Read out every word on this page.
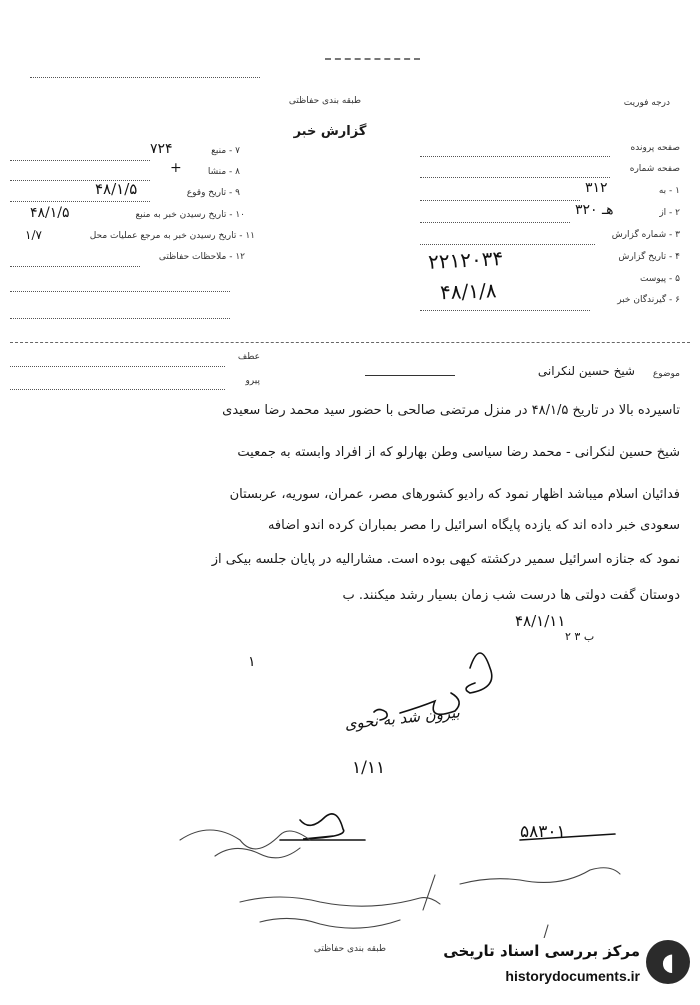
طبقه بندی حفاظتی
گزارش خبر
درجه فوریت
۷ - منبع
۷۲۴
۸ - منشا
+
۹ - تاریخ وقوع
۴۸/۱/۵
۱۰ - تاریخ رسیدن خبر به منبع
۴۸/۱/۵
۱۱ - تاریخ رسیدن خبر به مرجع عملیات محل
۱/۷
۱۲ - ملاحظات حفاظتی
صفحه پرونده
صفحه شماره
۱ - به
۳۱۲
۲ - از
۳۲۰ هـ
۳ - شماره گزارش
۴ - تاریخ گزارش
۲۲۱۲۰۳۴
۴۸/۱/۸	۵ - پیوست
۶ - گیرندگان خبر
عطف
پیرو
موضوع
شیخ حسین لنکرانی
تاسیرده بالا در تاریخ ۴۸/۱/۵ در منزل مرتضی صالحی با حضور سید محمد رضا سعیدی
شیخ حسین لنکرانی - محمد رضا سیاسی وطن بهارلو که از افراد وابسته به جمعیت
فدائیان اسلام میباشد اظهار نمود که رادیو کشورهای مصر، عمران، سوریه، عربستان
سعودی خبر داده اند که یازده پایگاه اسرائیل را مصر بمباران کرده اندو اضافه
نمود که جنازه اسرائیل سمیر درکشته کیهی بوده است. مشارالیه در پایان جلسه بیکی از
دوستان گفت دولتی ها درست شب زمان بسیار رشد میکنند. ب
۴۸/۱/۱۱
۲ ب ۳
۱
بیرون شد به نحوی
۱/۱۱
۵۸۳۰۱
طبقه بندی حفاظتی	◖
مرکز بررسی اسناد تاریخی
historydocuments.ir
